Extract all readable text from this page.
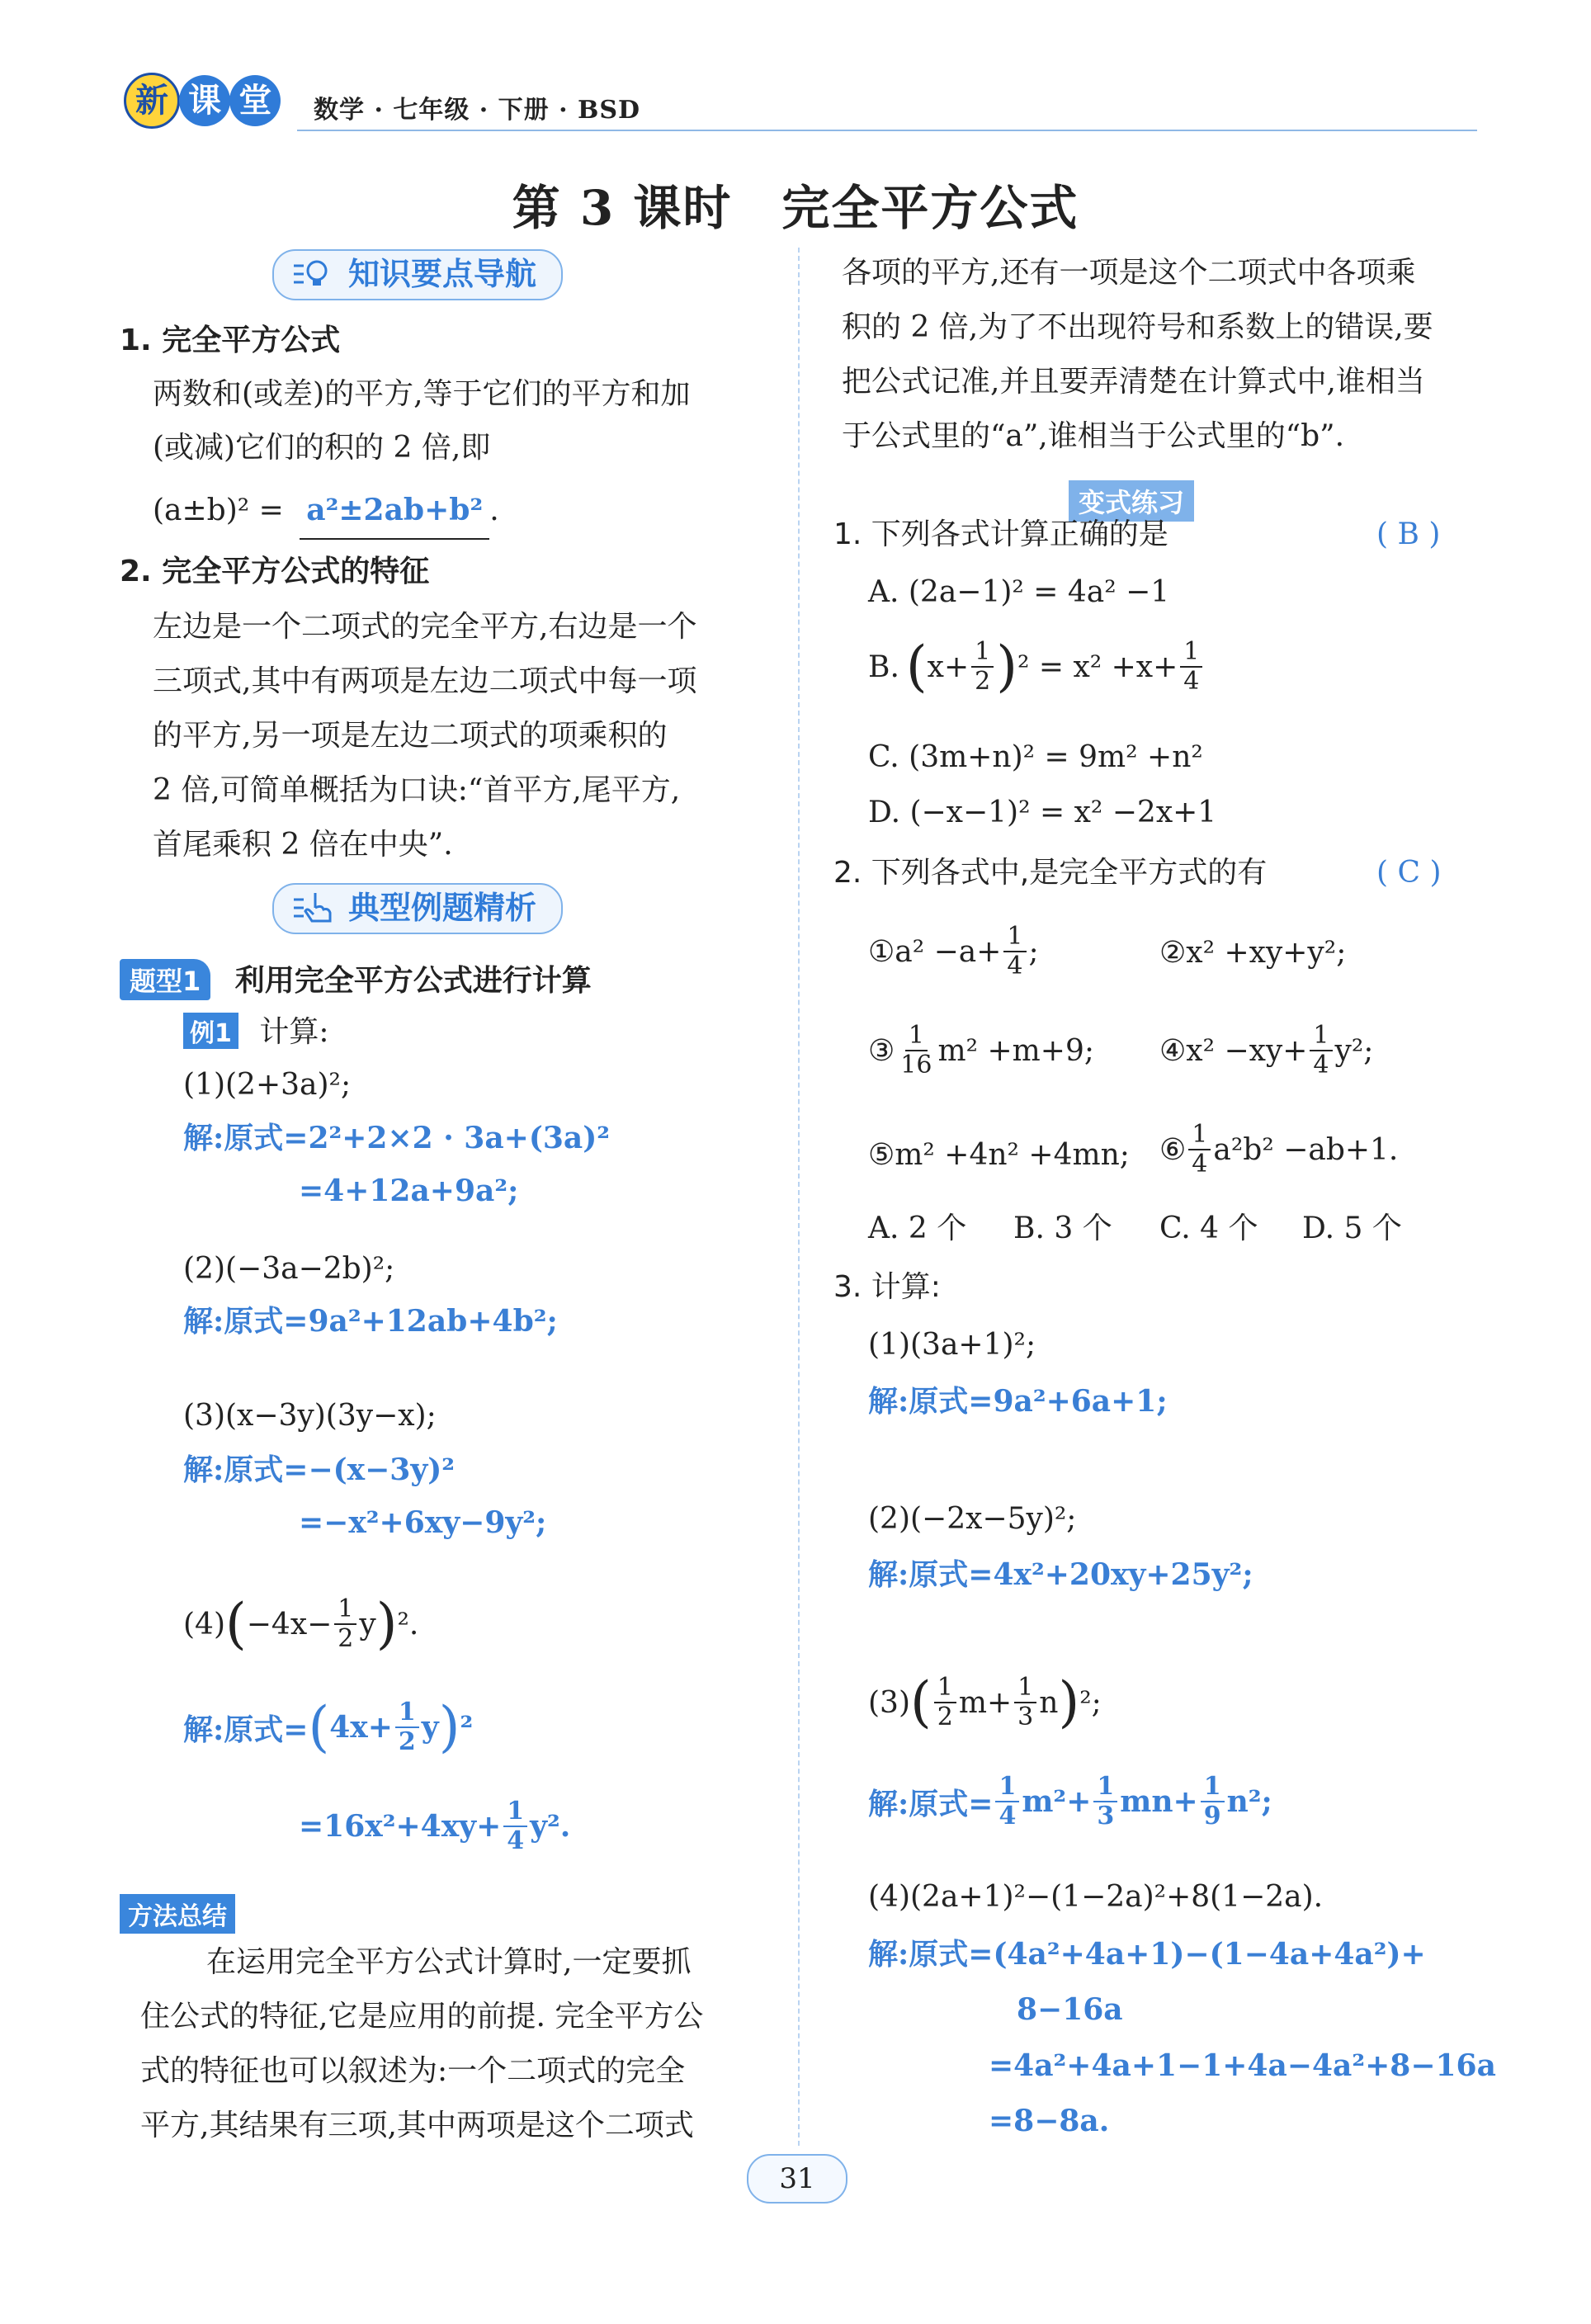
新 课 堂	数学 · 七年级 · 下册 · BSD
第 3 课时　完全平方公式
知识要点导航
1. 完全平方公式
两数和(或差)的平方,等于它们的平方和加
(或减)它们的积的 2 倍,即
(a±b)² = a²±2ab+b² .
2. 完全平方公式的特征
左边是一个二项式的完全平方,右边是一个
三项式,其中有两项是左边二项式中每一项
的平方,另一项是左边二项式的项乘积的
2 倍,可简单概括为口诀:“首平方,尾平方,
首尾乘积 2 倍在中央”.
典型例题精析
题型1 利用完全平方公式进行计算
例1 计算:
(1)(2+3a)²;
解:原式=2²+2×2 · 3a+(3a)²
=4+12a+9a²;
(2)(−3a−2b)²;
解:原式=9a²+12ab+4b²;
(3)(x−3y)(3y−x);
解:原式=−(x−3y)²
=−x²+6xy−9y²;
(4) ( $-4x- \frac{1}{2}$ y ) ².
解:原式= ( $4x+ \frac{1}{2}$ y ) ²
$=16x^2+4xy+ \frac{1}{4} y^2$.
方法总结
在运用完全平方公式计算时,一定要抓
住公式的特征,它是应用的前提. 完全平方公
式的特征也可以叙述为:一个二项式的完全
平方,其结果有三项,其中两项是这个二项式
各项的平方,还有一项是这个二项式中各项乘
积的 2 倍,为了不出现符号和系数上的错误,要
把公式记准,并且要弄清楚在计算式中,谁相当
于公式里的“a”,谁相当于公式里的“b”.
变式练习
1. 下列各式计算正确的是	( B )
A. (2a−1)² = 4a² −1
B. ( $x+ \frac{1}{2}$ ) $^2 = x^2 +x+ \frac{1}{4}$
C. (3m+n)² = 9m² +n²
D. (−x−1)² = x² −2x+1
2. 下列各式中,是完全平方式的有	( C )
①a² $-a+ \frac{1}{4}$ ;	②x² +xy+y²;
③ $\frac{1}{16} m^2 +m+9$; ④x² $-xy+ \frac{1}{4} y^2$;
⑤m² +4n² +4mn; ⑥ $\frac{1}{4} a^2b^2 -ab+1$.
A. 2 个 B. 3 个 C. 4 个 D. 5 个
3. 计算:
(1)(3a+1)²;
解:原式=9a²+6a+1;
(2)(−2x−5y)²;
解:原式=4x²+20xy+25y²;
(3) ( $\frac{1}{2} m+ \frac{1}{3}$ n ) ²;
解:原式= $\frac{1}{4} m^2+ \frac{1}{3} mn+ \frac{1}{9} n^2$;
(4)(2a+1)²−(1−2a)²+8(1−2a).
解:原式=(4a²+4a+1)−(1−4a+4a²)+
8−16a
=4a²+4a+1−1+4a−4a²+8−16a
=8−8a.
31
